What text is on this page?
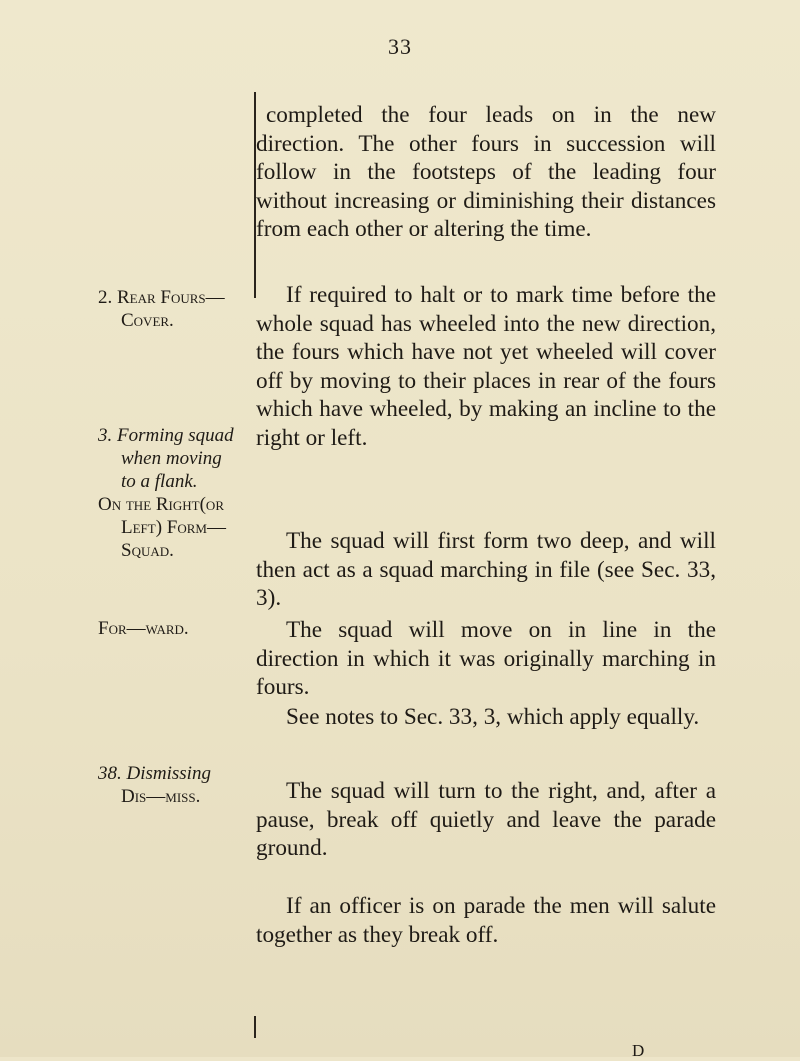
33
2. Rear Fours—
Cover.
3. Forming squad
when moving
to a flank.
On the Right(or
Left) Form—
Squad.
For—ward.
38. Dismissing
Dis—miss.
completed the four leads on in the new direction. The other fours in succession will follow in the footsteps of the leading four without increasing or diminishing their distances from each other or altering the time.
If required to halt or to mark time before the whole squad has wheeled into the new direction, the fours which have not yet wheeled will cover off by moving to their places in rear of the fours which have wheeled, by making an incline to the right or left.
The squad will first form two deep, and will then act as a squad marching in file (see Sec. 33, 3).
The squad will move on in line in the direction in which it was originally marching in fours.
See notes to Sec. 33, 3, which apply equally.
The squad will turn to the right, and, after a pause, break off quietly and leave the parade ground.
If an officer is on parade the men will salute together as they break off.
D
